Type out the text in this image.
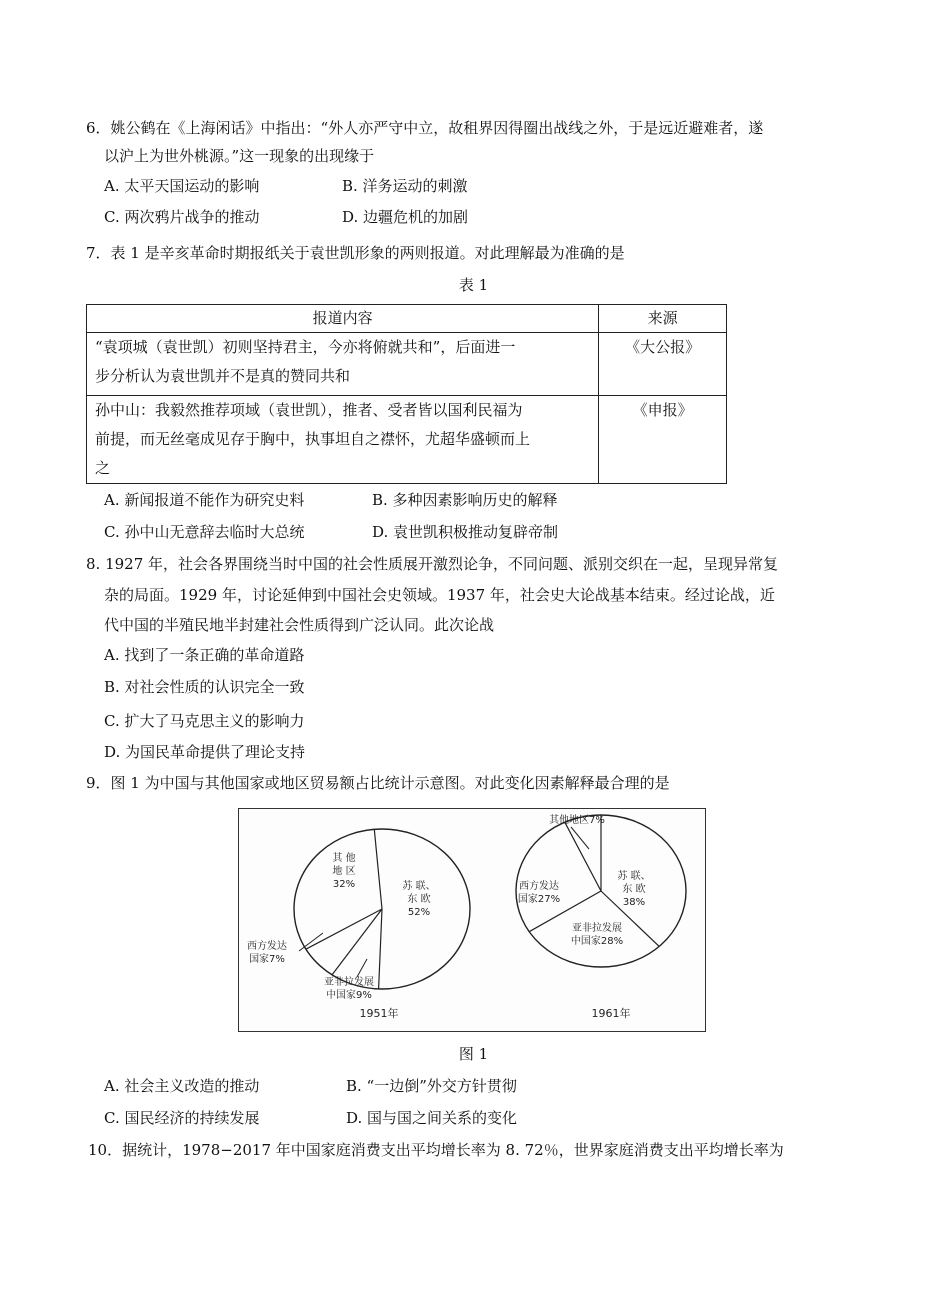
6．姚公鹤在《上海闲话》中指出：“外人亦严守中立，故租界因得圈出战线之外，于是远近避难者，遂
以沪上为世外桃源。”这一现象的出现缘于
A. 太平天国运动的影响	B. 洋务运动的刺激
C. 两次鸦片战争的推动	D. 边疆危机的加剧
7．表 1 是辛亥革命时期报纸关于袁世凯形象的两则报道。对此理解最为准确的是
表 1
报道内容	来源

“袁项城（袁世凯）初则坚持君主，今亦将俯就共和”，后面进一
步分析认为袁世凯并不是真的赞同共和	《大公报》

孙中山：我毅然推荐项域（袁世凯），推者、受者皆以国利民福为
前提，而无丝毫成见存于胸中，执事坦自之襟怀，尤超华盛顿而上
之	《申报》
A. 新闻报道不能作为研究史料	B. 多种因素影响历史的解释
C. 孙中山无意辞去临时大总统	D. 袁世凯积极推动复辟帝制
8. 1927 年，社会各界围绕当时中国的社会性质展开激烈论争，不同问题、派别交织在一起，呈现异常复
杂的局面。1929 年，讨论延伸到中国社会史领域。1937 年，社会史大论战基本结束。经过论战，近
代中国的半殖民地半封建社会性质得到广泛认同。此次论战
A. 找到了一条正确的革命道路
B. 对社会性质的认识完全一致
C. 扩大了马克思主义的影响力
D. 为国民革命提供了理论支持
9．图 1 为中国与其他国家或地区贸易额占比统计示意图。对此变化因素解释最合理的是
苏 联、东 欧 52%
亚非拉发展中国家9%
西方发达国家7%
其 他地 区 32%
1951年
苏 联、东 欧 38%
亚非拉发展中国家28%
西方发达国家27%
其他地区7%
1961年
图 1
A. 社会主义改造的推动	B. “一边倒”外交方针贯彻
C. 国民经济的持续发展	D. 国与国之间关系的变化
10．据统计，1978−2017 年中国家庭消费支出平均增长率为 8. 72％，世界家庭消费支出平均增长率为
